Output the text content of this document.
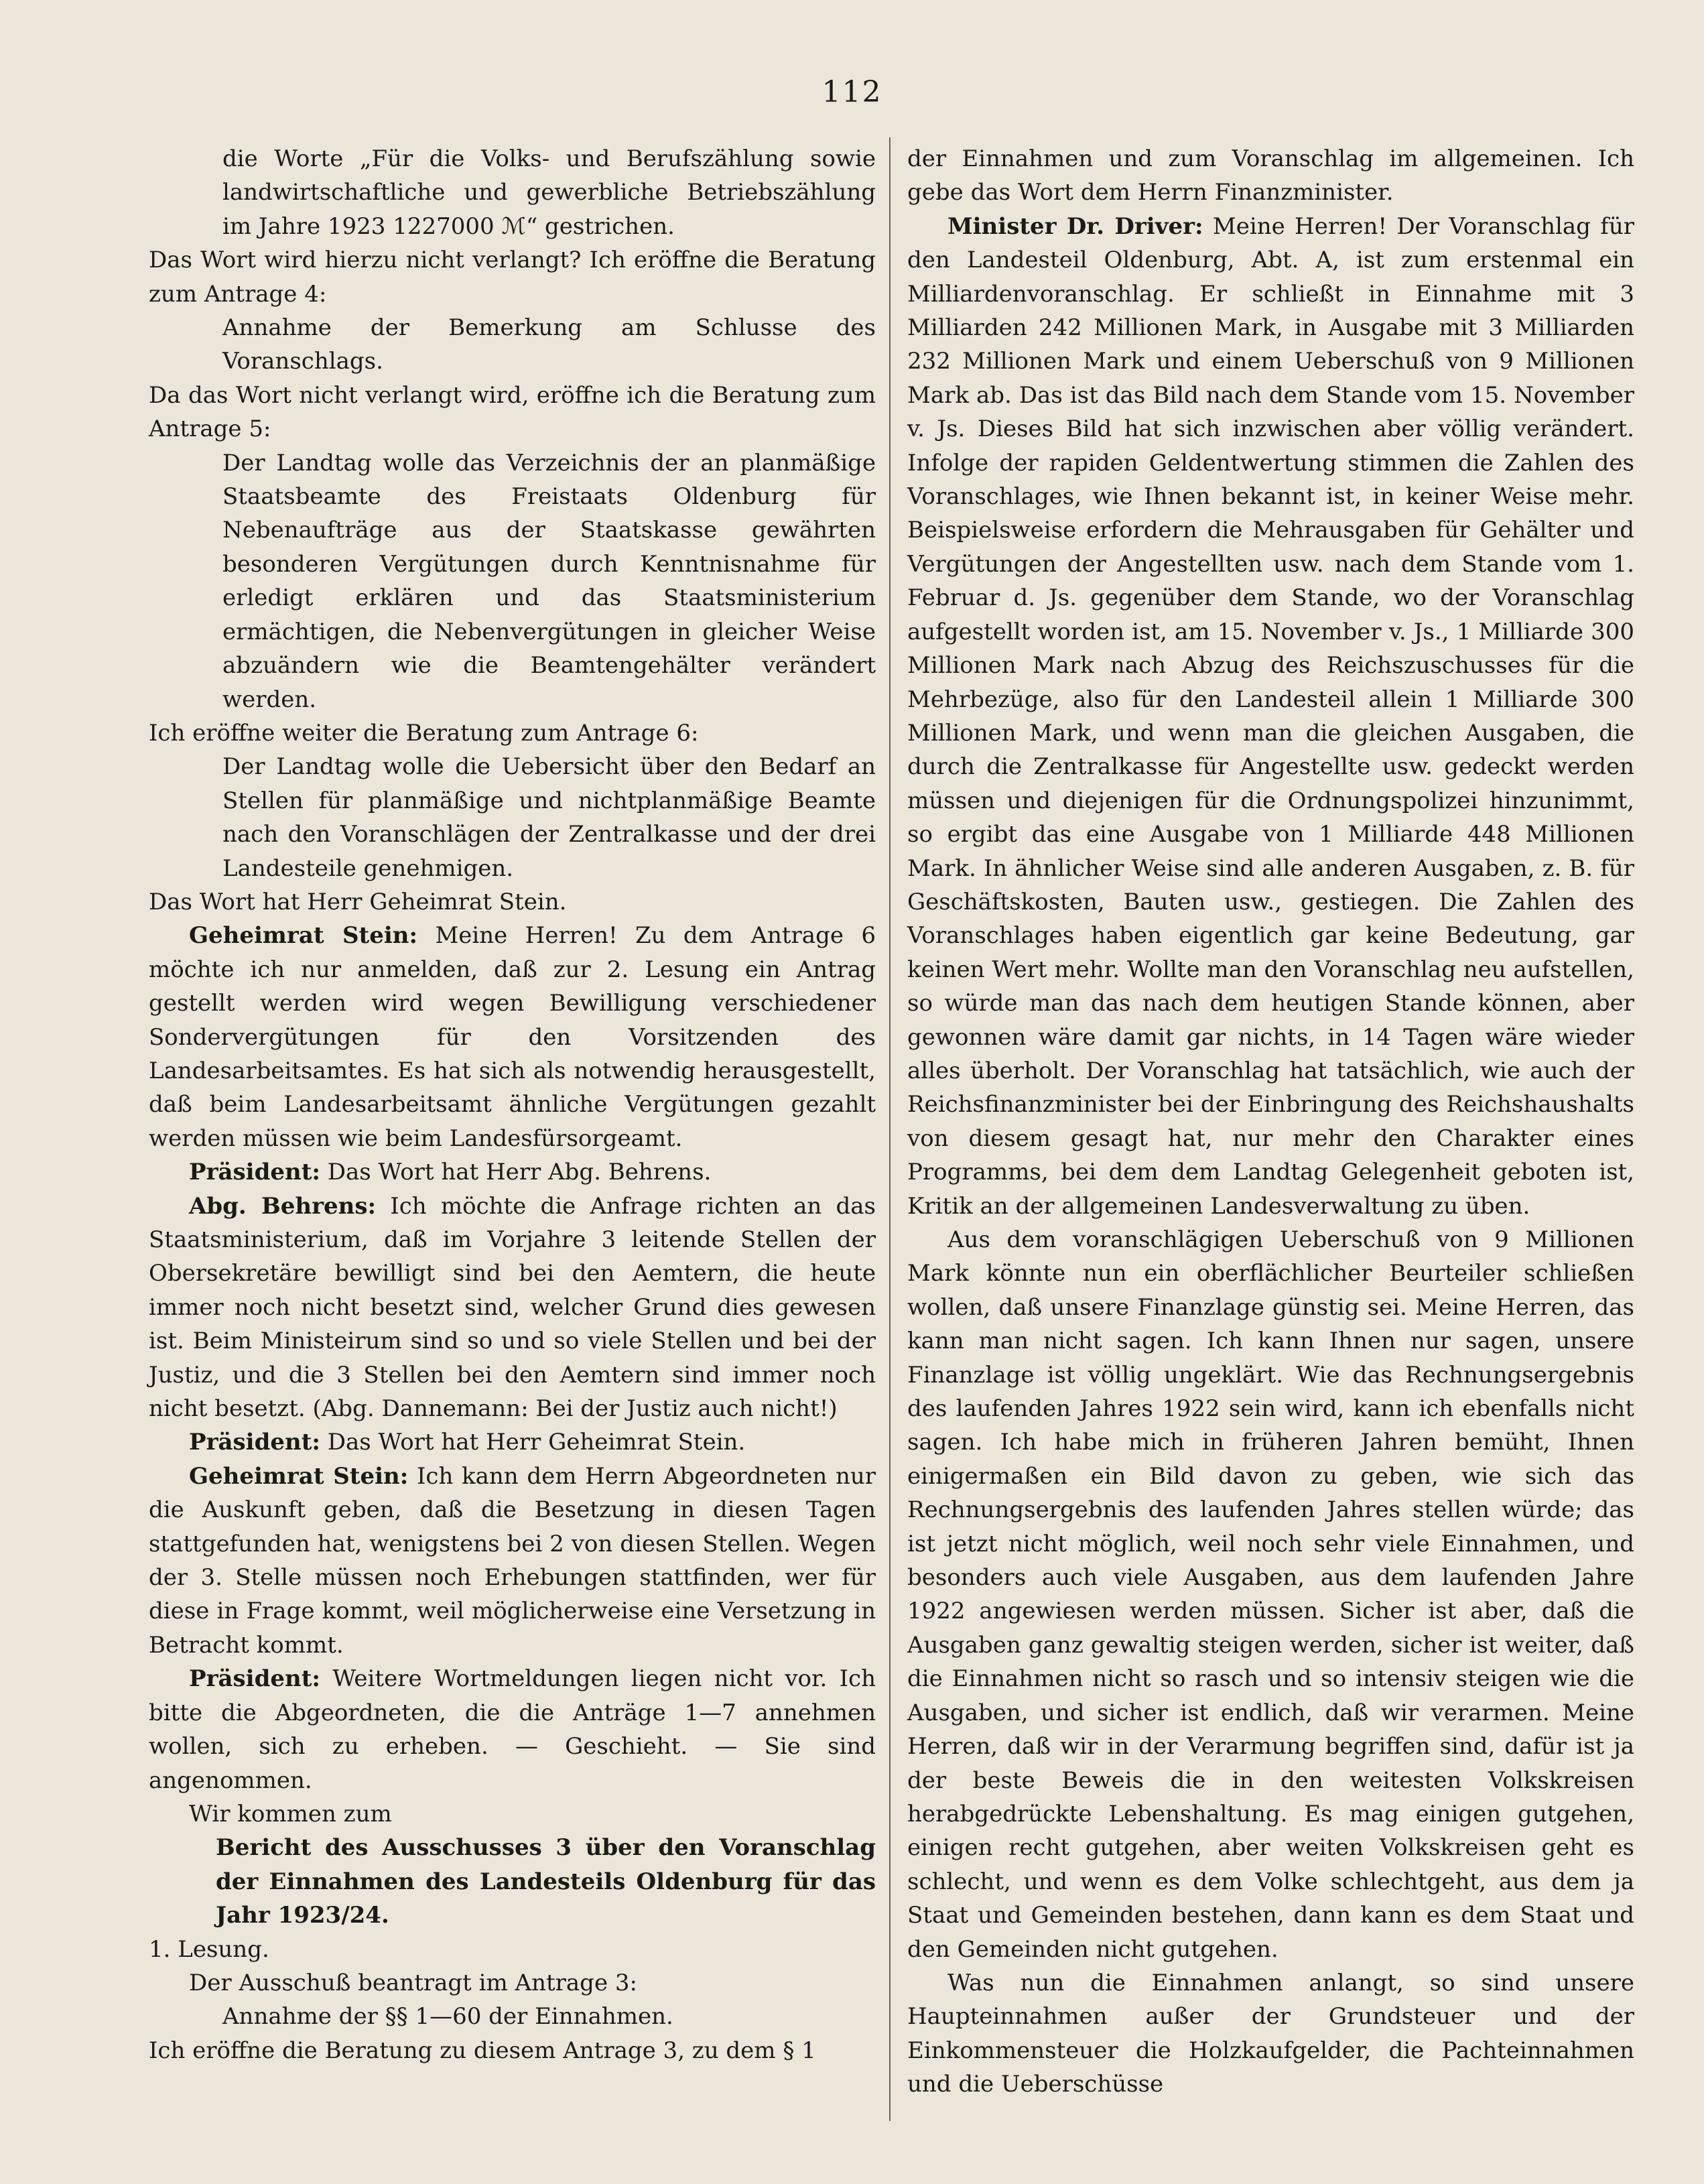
112

die Worte „Für die Volks- und Berufszählung sowie landwirtschaftliche und gewerbliche Betriebszählung im Jahre 1923 1227000 ℳ“ gestrichen.

Das Wort wird hierzu nicht verlangt? Ich eröffne die Beratung zum Antrage 4:

Annahme der Bemerkung am Schlusse des Voranschlags.

Da das Wort nicht verlangt wird, eröffne ich die Beratung zum Antrage 5:

Der Landtag wolle das Verzeichnis der an planmäßige Staatsbeamte des Freistaats Oldenburg für Nebenaufträge aus der Staatskasse gewährten besonderen Vergütungen durch Kenntnisnahme für erledigt erklären und das Staatsministerium ermächtigen, die Nebenvergütungen in gleicher Weise abzuändern wie die Beamtengehälter verändert werden.

Ich eröffne weiter die Beratung zum Antrage 6:

Der Landtag wolle die Uebersicht über den Bedarf an Stellen für planmäßige und nichtplanmäßige Beamte nach den Voranschlägen der Zentralkasse und der drei Landesteile genehmigen.

Das Wort hat Herr Geheimrat Stein.

Geheimrat Stein: Meine Herren! Zu dem Antrage 6 möchte ich nur anmelden, daß zur 2. Lesung ein Antrag gestellt werden wird wegen Bewilligung verschiedener Sondervergütungen für den Vorsitzenden des Landesarbeitsamtes. Es hat sich als notwendig herausgestellt, daß beim Landesarbeitsamt ähnliche Vergütungen gezahlt werden müssen wie beim Landesfürsorgeamt.

Präsident: Das Wort hat Herr Abg. Behrens.

Abg. Behrens: Ich möchte die Anfrage richten an das Staatsministerium, daß im Vorjahre 3 leitende Stellen der Obersekretäre bewilligt sind bei den Aemtern, die heute immer noch nicht besetzt sind, welcher Grund dies gewesen ist. Beim Ministeirum sind so und so viele Stellen und bei der Justiz, und die 3 Stellen bei den Aemtern sind immer noch nicht besetzt. (Abg. Dannemann: Bei der Justiz auch nicht!)

Präsident: Das Wort hat Herr Geheimrat Stein.

Geheimrat Stein: Ich kann dem Herrn Abgeordneten nur die Auskunft geben, daß die Besetzung in diesen Tagen stattgefunden hat, wenigstens bei 2 von diesen Stellen. Wegen der 3. Stelle müssen noch Erhebungen stattfinden, wer für diese in Frage kommt, weil möglicherweise eine Versetzung in Betracht kommt.

Präsident: Weitere Wortmeldungen liegen nicht vor. Ich bitte die Abgeordneten, die die Anträge 1—7 annehmen wollen, sich zu erheben. — Geschieht. — Sie sind angenommen.

Wir kommen zum

Bericht des Ausschusses 3 über den Voranschlag der Einnahmen des Landesteils Oldenburg für das Jahr 1923/24.

1. Lesung.

Der Ausschuß beantragt im Antrage 3:

Annahme der §§ 1—60 der Einnahmen.

Ich eröffne die Beratung zu diesem Antrage 3, zu dem § 1

der Einnahmen und zum Voranschlag im allgemeinen. Ich gebe das Wort dem Herrn Finanzminister.

Minister Dr. Driver: Meine Herren! Der Voranschlag für den Landesteil Oldenburg, Abt. A, ist zum erstenmal ein Milliardenvoranschlag. Er schließt in Einnahme mit 3 Milliarden 242 Millionen Mark, in Ausgabe mit 3 Milliarden 232 Millionen Mark und einem Ueberschuß von 9 Millionen Mark ab. Das ist das Bild nach dem Stande vom 15. November v. Js. Dieses Bild hat sich inzwischen aber völlig verändert. Infolge der rapiden Geldentwertung stimmen die Zahlen des Voranschlages, wie Ihnen bekannt ist, in keiner Weise mehr. Beispielsweise erfordern die Mehrausgaben für Gehälter und Vergütungen der Angestellten usw. nach dem Stande vom 1. Februar d. Js. gegenüber dem Stande, wo der Voranschlag aufgestellt worden ist, am 15. November v. Js., 1 Milliarde 300 Millionen Mark nach Abzug des Reichszuschusses für die Mehrbezüge, also für den Landesteil allein 1 Milliarde 300 Millionen Mark, und wenn man die gleichen Ausgaben, die durch die Zentralkasse für Angestellte usw. gedeckt werden müssen und diejenigen für die Ordnungspolizei hinzunimmt, so ergibt das eine Ausgabe von 1 Milliarde 448 Millionen Mark. In ähnlicher Weise sind alle anderen Ausgaben, z. B. für Geschäftskosten, Bauten usw., gestiegen. Die Zahlen des Voranschlages haben eigentlich gar keine Bedeutung, gar keinen Wert mehr. Wollte man den Voranschlag neu aufstellen, so würde man das nach dem heutigen Stande können, aber gewonnen wäre damit gar nichts, in 14 Tagen wäre wieder alles überholt. Der Voranschlag hat tatsächlich, wie auch der Reichsfinanzminister bei der Einbringung des Reichshaushalts von diesem gesagt hat, nur mehr den Charakter eines Programms, bei dem dem Landtag Gelegenheit geboten ist, Kritik an der allgemeinen Landesverwaltung zu üben.

Aus dem voranschlägigen Ueberschuß von 9 Millionen Mark könnte nun ein oberflächlicher Beurteiler schließen wollen, daß unsere Finanzlage günstig sei. Meine Herren, das kann man nicht sagen. Ich kann Ihnen nur sagen, unsere Finanzlage ist völlig ungeklärt. Wie das Rechnungsergebnis des laufenden Jahres 1922 sein wird, kann ich ebenfalls nicht sagen. Ich habe mich in früheren Jahren bemüht, Ihnen einigermaßen ein Bild davon zu geben, wie sich das Rechnungsergebnis des laufenden Jahres stellen würde; das ist jetzt nicht möglich, weil noch sehr viele Einnahmen, und besonders auch viele Ausgaben, aus dem laufenden Jahre 1922 angewiesen werden müssen. Sicher ist aber, daß die Ausgaben ganz gewaltig steigen werden, sicher ist weiter, daß die Einnahmen nicht so rasch und so intensiv steigen wie die Ausgaben, und sicher ist endlich, daß wir verarmen. Meine Herren, daß wir in der Verarmung begriffen sind, dafür ist ja der beste Beweis die in den weitesten Volkskreisen herabgedrückte Lebenshaltung. Es mag einigen gutgehen, einigen recht gutgehen, aber weiten Volkskreisen geht es schlecht, und wenn es dem Volke schlechtgeht, aus dem ja Staat und Gemeinden bestehen, dann kann es dem Staat und den Gemeinden nicht gutgehen.

Was nun die Einnahmen anlangt, so sind unsere Haupteinnahmen außer der Grundsteuer und der Einkommensteuer die Holzkaufgelder, die Pachteinnahmen und die Ueberschüsse
